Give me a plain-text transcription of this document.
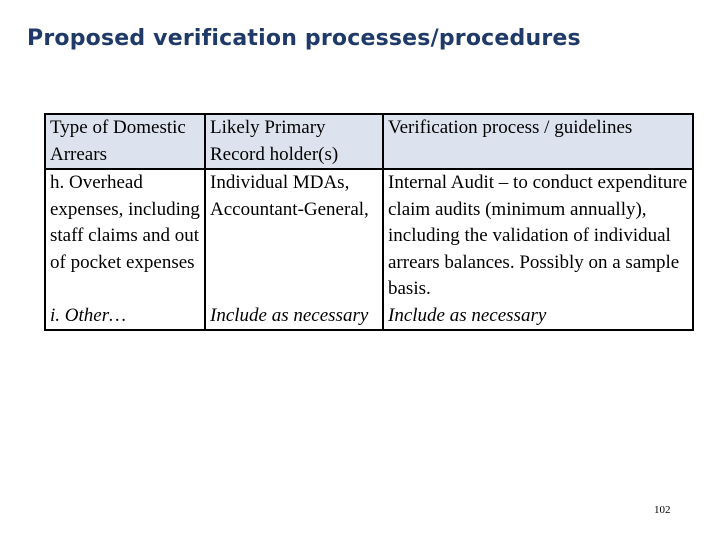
Proposed verification processes/procedures
Type of Domestic Arrears	Likely Primary Record holder(s)	Verification process / guidelines
h. Overhead expenses, including staff claims and out of pocket expenses	Individual MDAs, Accountant-General,	Internal Audit – to conduct expenditure claim audits (minimum annually), including the validation of individual arrears balances. Possibly on a sample basis.
i. Other…	Include as necessary	Include as necessary
102
